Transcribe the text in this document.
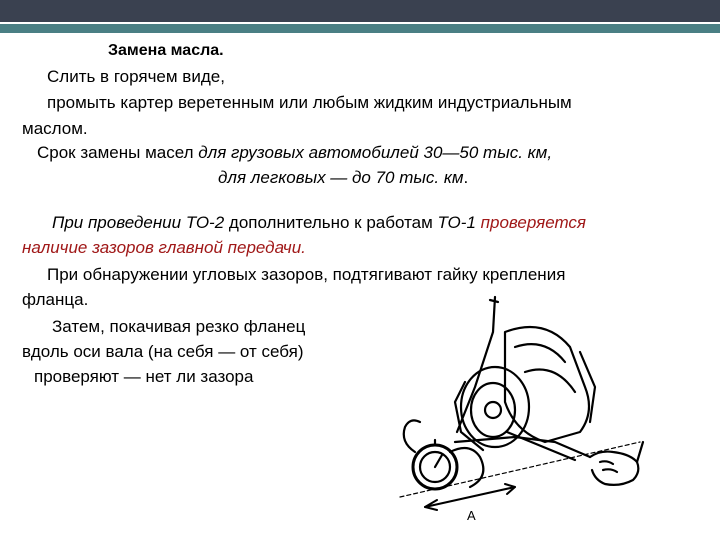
Замена масла.
Слить в горячем виде,
промыть картер веретенным или любым жидким индустриальным
маслом.
Срок замены масел для грузовых автомобилей 30—50 тыс. км,
для легковых — до 70 тыс. км.
При проведении ТО-2 дополнительно к работам ТО-1 проверяется
наличие зазоров главной передачи.
При обнаружении угловых зазоров, подтягивают гайку крепления
фланца.
Затем, покачивая резко фланец
вдоль оси вала (на себя — от себя)
проверяют — нет ли зазора
А
